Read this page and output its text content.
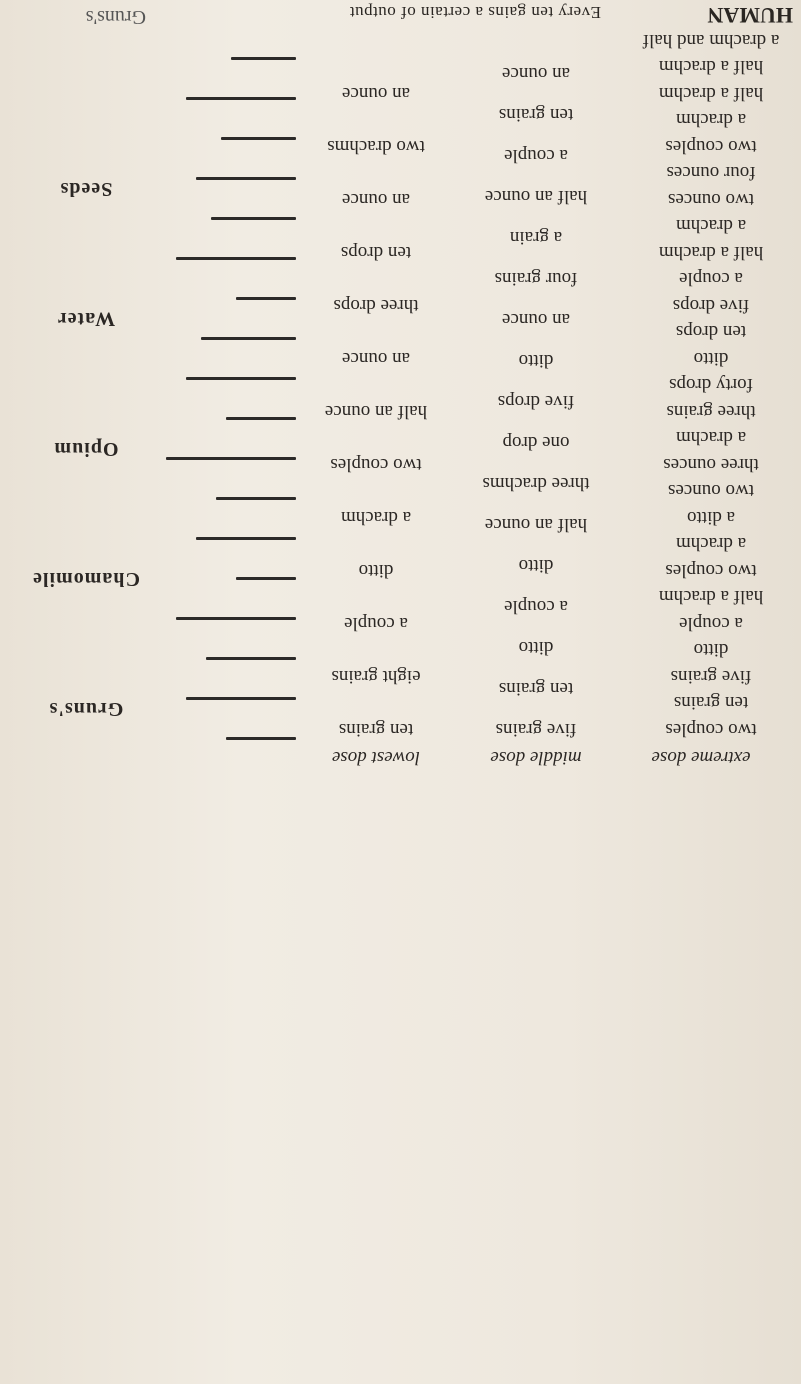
HUMAN
Every ten gains a certain of output
Gruns's
two couples
ten grains
five grains
ditto
a couple
half a drachm
two couples
a drachm
a ditto
two ounces
three ounces
a drachm
three grains
forty drops
ditto
ten drops
five drops
a couple
half a drachm
a drachm
two ounces
four ounces
two couples
a drachm
half a drachm
half a drachm
a drachm and half
five grains
ten grains
ditto
a couple
ditto
half an ounce
three drachms
one drop
five drops
ditto
an ounce
four grains
a grain
half an ounce
a couple
ten grains
an ounce
ten grains
eight grains
a couple
ditto
a drachm
two couples
half an ounce
an ounce
three drops
ten drops
an ounce
two drachms
an ounce
Gruns's
Chamomile
Opium
Water
Seeds
extreme dose
middle dose
lowest dose
